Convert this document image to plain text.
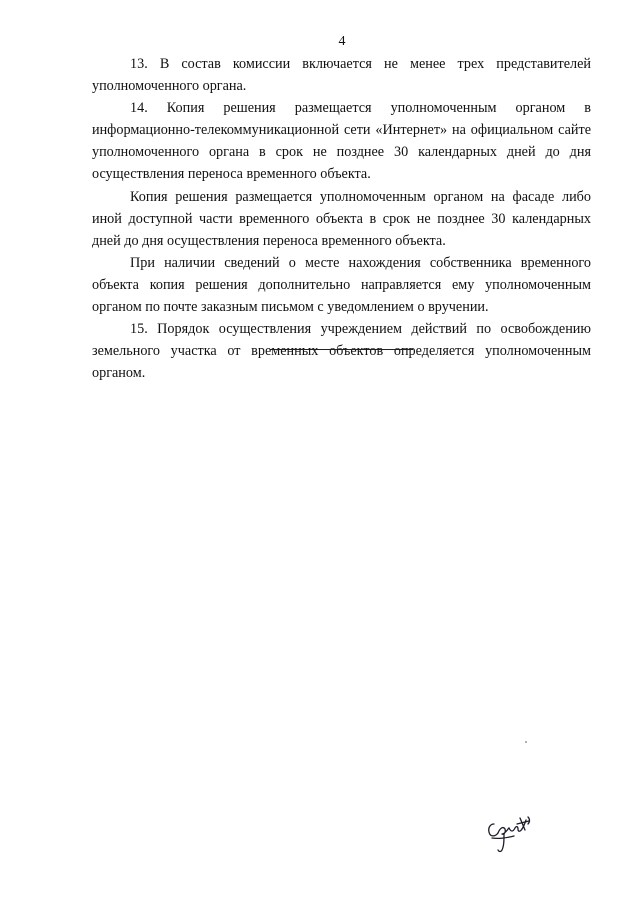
4

13. В состав комиссии включается не менее трех представителей уполномоченного органа.

14. Копия решения размещается уполномоченным органом в информационно-телекоммуникационной сети «Интернет» на официальном сайте уполномоченного органа в срок не позднее 30 календарных дней до дня осуществления переноса временного объекта.

Копия решения размещается уполномоченным органом на фасаде либо иной доступной части временного объекта в срок не позднее 30 календарных дней до дня осуществления переноса временного объекта.

При наличии сведений о месте нахождения собственника временного объекта копия решения дополнительно направляется ему уполномоченным органом по почте заказным письмом с уведомлением о вручении.

15. Порядок осуществления учреждением действий по освобождению земельного участка от временных объектов определяется уполномоченным органом.
